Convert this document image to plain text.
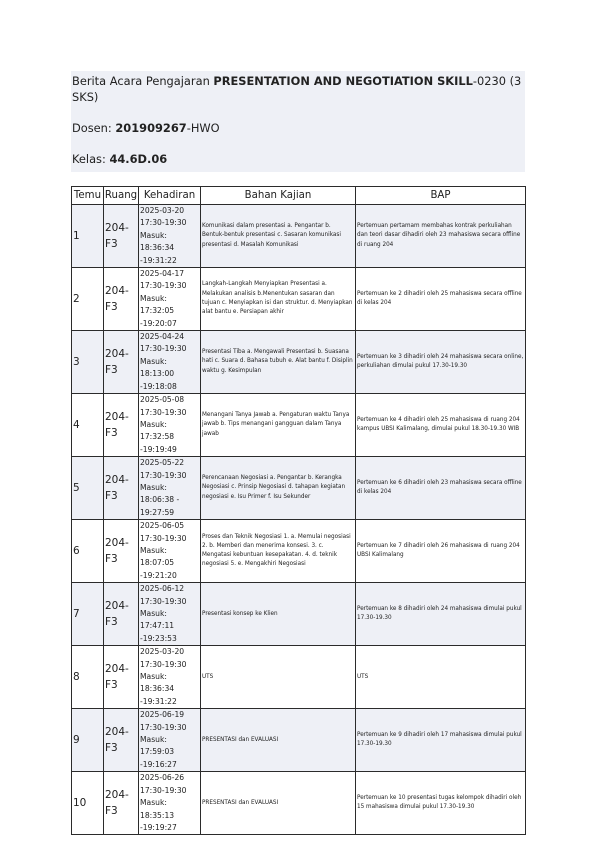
Berita Acara Pengajaran PRESENTATION AND NEGOTIATION SKILL-0230 (3 SKS)

Dosen: 201909267-HWO

Kelas: 44.6D.06

Temu	Ruang	Kehadiran	Bahan Kajian	BAP
1	204-F3	2025-03-20 17:30-19:30 Masuk: 18:36:34 -19:31:22	Komunikasi dalam presentasi a. Pengantar b. Bentuk-bentuk presentasi c. Sasaran komunikasi presentasi d. Masalah Komunikasi	Pertemuan pertamam membahas kontrak perkuliahan dan teori dasar dihadiri oleh 23 mahasiswa secara offline di ruang 204
2	204-F3	2025-04-17 17:30-19:30 Masuk: 17:32:05 -19:20:07	Langkah-Langkah Menyiapkan Presentasi a. Melakukan analisis b.Menentukan sasaran dan tujuan c. Menyiapkan isi dan struktur. d. Menyiapkan alat bantu e. Persiapan akhir	Pertemuan ke 2 dihadiri oleh 25 mahasiswa secara offline di kelas 204
3	204-F3	2025-04-24 17:30-19:30 Masuk: 18:13:00 -19:18:08	Presentasi Tiba a. Mengawali Presentasi b. Suasana hati c. Suara d. Bahasa tubuh e. Alat bantu f. Disiplin waktu g. Kesimpulan	Pertemuan ke 3 dihadiri oleh 24 mahasiswa secara online, perkuliahan dimulai pukul 17.30-19.30
4	204-F3	2025-05-08 17:30-19:30 Masuk: 17:32:58 -19:19:49	Menangani Tanya Jawab a. Pengaturan waktu Tanya jawab b. Tips menangani gangguan dalam Tanya jawab	Pertemuan ke 4 dihadiri oleh 25 mahasiswa di ruang 204 kampus UBSI Kalimalang, dimulai pukul 18.30-19.30 WIB
5	204-F3	2025-05-22 17:30-19:30 Masuk: 18:06:38 - 19:27:59	Perencanaan Negosiasi a. Pengantar b. Kerangka Negosiasi c. Prinsip Negosiasi d. tahapan kegiatan negosiasi e. Isu Primer f. Isu Sekunder	Pertemuan ke 6 dihadiri oleh 23 mahasiswa secara offline di kelas 204
6	204-F3	2025-06-05 17:30-19:30 Masuk: 18:07:05 -19:21:20	Proses dan Teknik Negosiasi 1. a. Memulai negosiasi 2. b. Memberi dan menerima konsesi. 3. c. Mengatasi kebuntuan kesepakatan. 4. d. teknik negosiasi 5. e. Mengakhiri Negosiasi	Pertemuan ke 7 dihadiri oleh 26 mahasiswa di ruang 204 UBSI Kalimalang
7	204-F3	2025-06-12 17:30-19:30 Masuk: 17:47:11 -19:23:53	Presentasi konsep ke Klien	Pertemuan ke 8 dihadiri oleh 24 mahasiswa dimulai pukul 17.30-19.30
8	204-F3	2025-03-20 17:30-19:30 Masuk: 18:36:34 -19:31:22	UTS	UTS
9	204-F3	2025-06-19 17:30-19:30 Masuk: 17:59:03 -19:16:27	PRESENTASI dan EVALUASI	Pertemuan ke 9 dihadiri oleh 17 mahasiswa dimulai pukul 17.30-19.30
10	204-F3	2025-06-26 17:30-19:30 Masuk: 18:35:13 -19:19:27	PRESENTASI dan EVALUASI	Pertemuan ke 10 presentasi tugas kelompok dihadiri oleh 15 mahasiswa dimulai pukul 17.30-19.30
